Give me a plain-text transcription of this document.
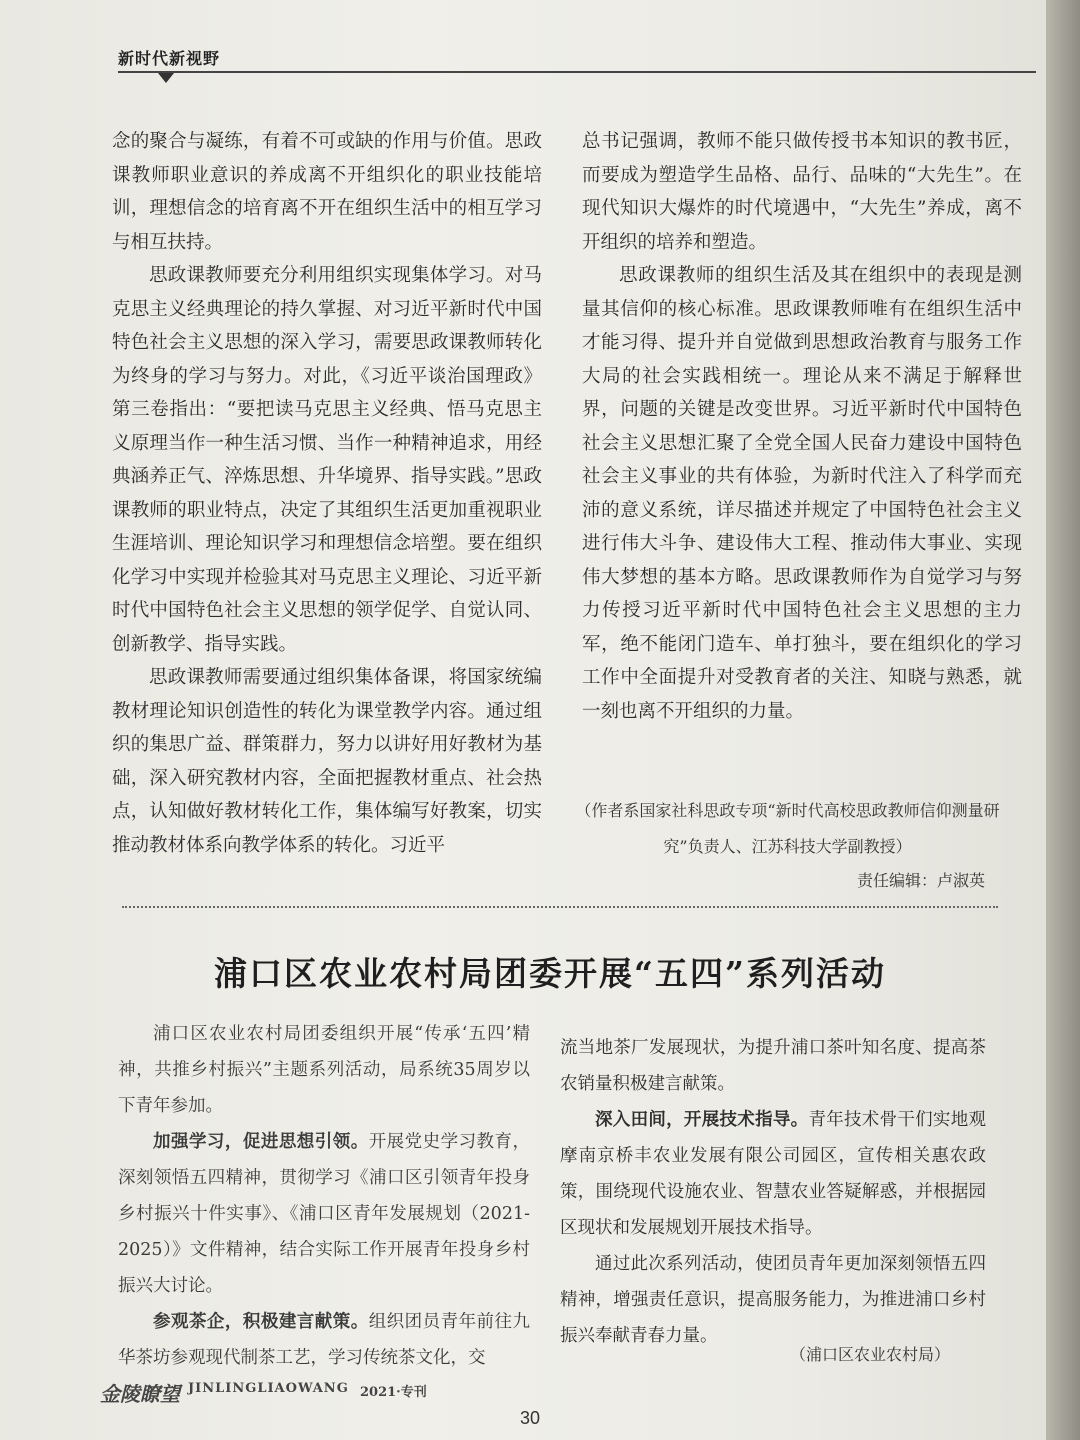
新时代新视野

念的聚合与凝练，有着不可或缺的作用与价值。思政课教师职业意识的养成离不开组织化的职业技能培训，理想信念的培育离不开在组织生活中的相互学习与相互扶持。

思政课教师要充分利用组织实现集体学习。对马克思主义经典理论的持久掌握、对习近平新时代中国特色社会主义思想的深入学习，需要思政课教师转化为终身的学习与努力。对此，《习近平谈治国理政》第三卷指出：“要把读马克思主义经典、悟马克思主义原理当作一种生活习惯、当作一种精神追求，用经典涵养正气、淬炼思想、升华境界、指导实践。”思政课教师的职业特点，决定了其组织生活更加重视职业生涯培训、理论知识学习和理想信念培塑。要在组织化学习中实现并检验其对马克思主义理论、习近平新时代中国特色社会主义思想的领学促学、自觉认同、创新教学、指导实践。

思政课教师需要通过组织集体备课，将国家统编教材理论知识创造性的转化为课堂教学内容。通过组织的集思广益、群策群力，努力以讲好用好教材为基础，深入研究教材内容，全面把握教材重点、社会热点，认知做好教材转化工作，集体编写好教案，切实推动教材体系向教学体系的转化。习近平

总书记强调，教师不能只做传授书本知识的教书匠，而要成为塑造学生品格、品行、品味的“大先生”。在现代知识大爆炸的时代境遇中，“大先生”养成，离不开组织的培养和塑造。

思政课教师的组织生活及其在组织中的表现是测量其信仰的核心标准。思政课教师唯有在组织生活中才能习得、提升并自觉做到思想政治教育与服务工作大局的社会实践相统一。理论从来不满足于解释世界，问题的关键是改变世界。习近平新时代中国特色社会主义思想汇聚了全党全国人民奋力建设中国特色社会主义事业的共有体验，为新时代注入了科学而充沛的意义系统，详尽描述并规定了中国特色社会主义进行伟大斗争、建设伟大工程、推动伟大事业、实现伟大梦想的基本方略。思政课教师作为自觉学习与努力传授习近平新时代中国特色社会主义思想的主力军，绝不能闭门造车、单打独斗，要在组织化的学习工作中全面提升对受教育者的关注、知晓与熟悉，就一刻也离不开组织的力量。

（作者系国家社科思政专项“新时代高校思政教师信仰测量研究”负责人、江苏科技大学副教授）
责任编辑：卢淑英
浦口区农业农村局团委开展“五四”系列活动

浦口区农业农村局团委组织开展“传承‘五四’精神，共推乡村振兴”主题系列活动，局系统35周岁以下青年参加。

加强学习，促进思想引领。开展党史学习教育，深刻领悟五四精神，贯彻学习《浦口区引领青年投身乡村振兴十件实事》、《浦口区青年发展规划（2021-2025）》文件精神，结合实际工作开展青年投身乡村振兴大讨论。

参观茶企，积极建言献策。组织团员青年前往九华茶坊参观现代制茶工艺，学习传统茶文化，交

流当地茶厂发展现状，为提升浦口茶叶知名度、提高茶农销量积极建言献策。

深入田间，开展技术指导。青年技术骨干们实地观摩南京桥丰农业发展有限公司园区，宣传相关惠农政策，围绕现代设施农业、智慧农业答疑解惑，并根据园区现状和发展规划开展技术指导。

通过此次系列活动，使团员青年更加深刻领悟五四精神，增强责任意识，提高服务能力，为推进浦口乡村振兴奉献青春力量。

（浦口区农业农村局）
金陵瞭望 JINLINGLIAOWANG 2021·专刊
30
